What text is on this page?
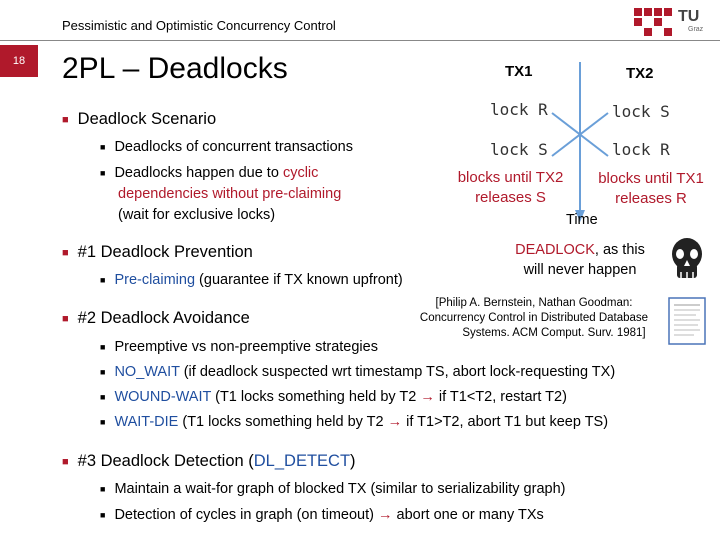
Pessimistic and Optimistic Concurrency Control
18
TU
Graz
2PL – Deadlocks
■ Deadlock Scenario
■ Deadlocks of concurrent transactions
■ Deadlocks happen due to cyclic
dependencies without pre-claiming
(wait for exclusive locks)
TX1	TX2
lock R	lock S
lock S	lock R
blocks until TX2
releases S
blocks until TX1
releases R
Time
DEADLOCK, as this
will never happen
■ #1 Deadlock Prevention
■ Pre-claiming (guarantee if TX known upfront)
[Philip A. Bernstein, Nathan Goodman:
Concurrency Control in Distributed Database
Systems. ACM Comput. Surv. 1981]
■ #2 Deadlock Avoidance
■ Preemptive vs non-preemptive strategies
■ NO_WAIT (if deadlock suspected wrt timestamp TS, abort lock-requesting TX)
■ WOUND-WAIT (T1 locks something held by T2 → if T1<T2, restart T2)
■ WAIT-DIE (T1 locks something held by T2 → if T1>T2, abort T1 but keep TS)
■ #3 Deadlock Detection (DL_DETECT)
■ Maintain a wait-for graph of blocked TX (similar to serializability graph)
■ Detection of cycles in graph (on timeout) → abort one or many TXs
